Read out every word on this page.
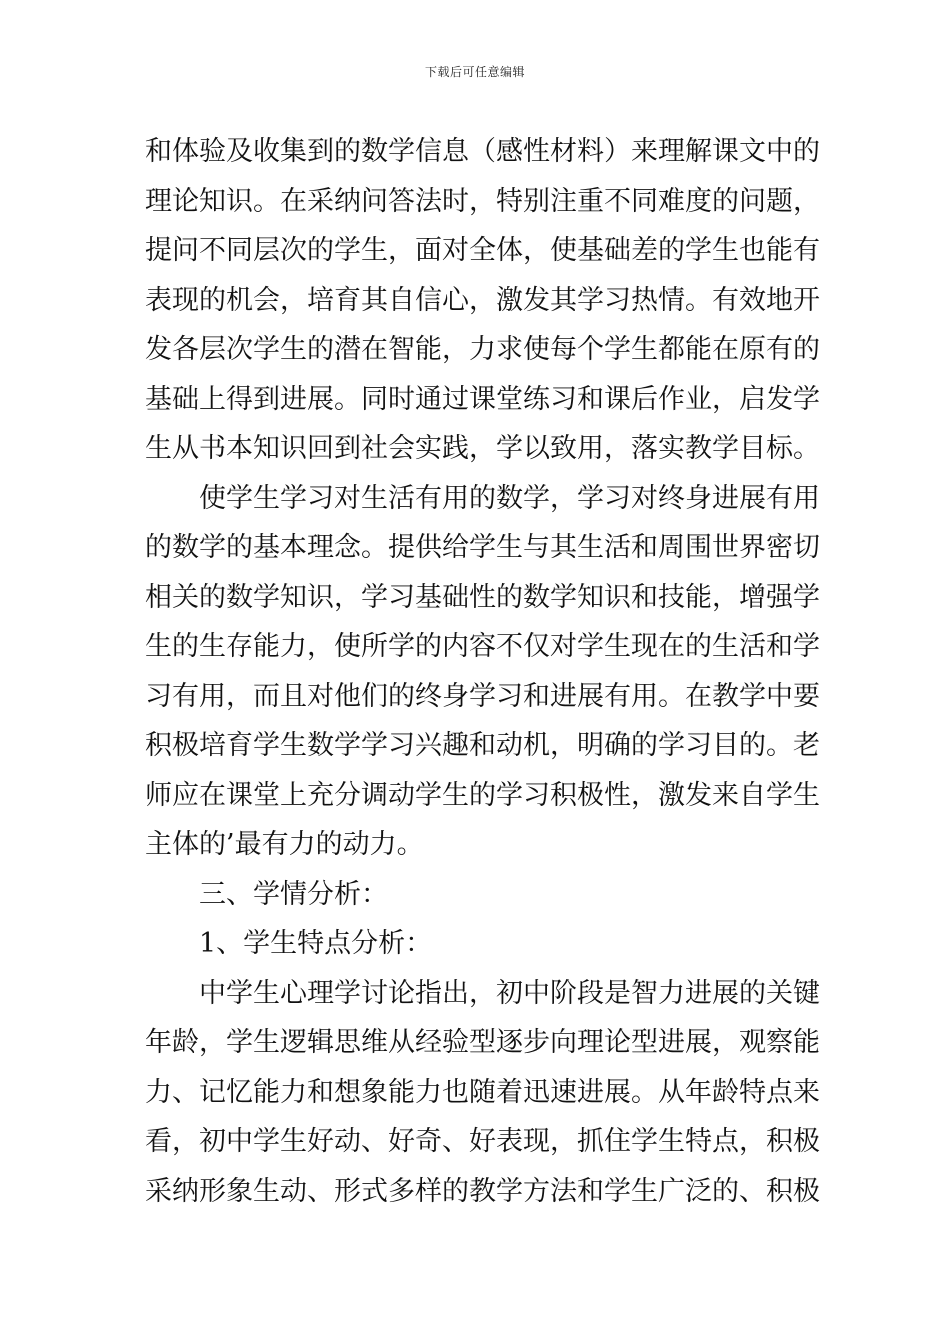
下载后可任意编辑
和体验及收集到的数学信息（感性材料）来理解课文中的
理论知识。在采纳问答法时，特别注重不同难度的问题，
提问不同层次的学生，面对全体，使基础差的学生也能有
表现的机会，培育其自信心，激发其学习热情。有效地开
发各层次学生的潜在智能，力求使每个学生都能在原有的
基础上得到进展。同时通过课堂练习和课后作业，启发学
生从书本知识回到社会实践，学以致用，落实教学目标。
使学生学习对生活有用的数学，学习对终身进展有用
的数学的基本理念。提供给学生与其生活和周围世界密切
相关的数学知识，学习基础性的数学知识和技能，增强学
生的生存能力，使所学的内容不仅对学生现在的生活和学
习有用，而且对他们的终身学习和进展有用。在教学中要
积极培育学生数学学习兴趣和动机，明确的学习目的。老
师应在课堂上充分调动学生的学习积极性，激发来自学生
主体的’最有力的动力。
三、学情分析：
1、学生特点分析：
中学生心理学讨论指出，初中阶段是智力进展的关键
年龄，学生逻辑思维从经验型逐步向理论型进展，观察能
力、记忆能力和想象能力也随着迅速进展。从年龄特点来
看，初中学生好动、好奇、好表现，抓住学生特点，积极
采纳形象生动、形式多样的教学方法和学生广泛的、积极
